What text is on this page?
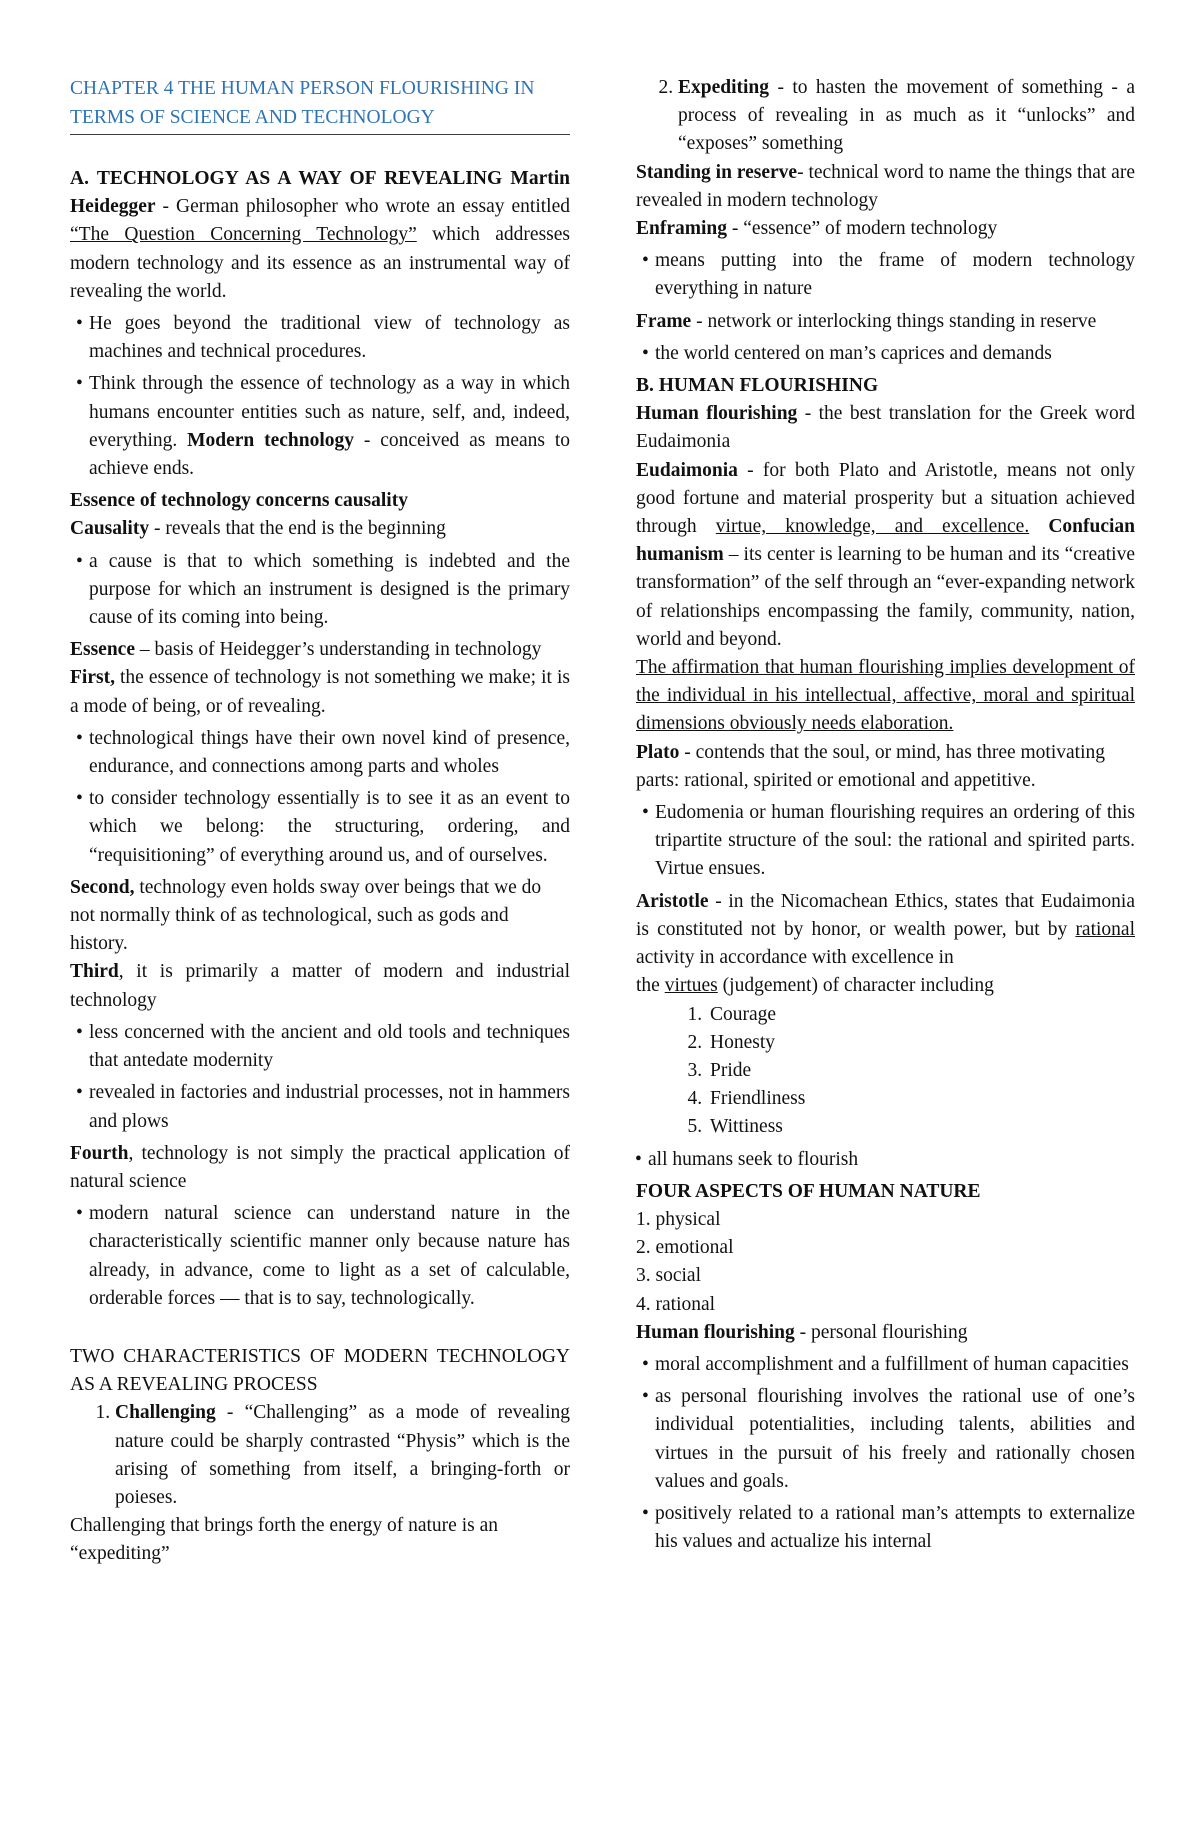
CHAPTER 4 THE HUMAN PERSON FLOURISHING IN TERMS OF SCIENCE AND TECHNOLOGY

A. TECHNOLOGY AS A WAY OF REVEALING Martin Heidegger - German philosopher who wrote an essay entitled “The Question Concerning Technology” which addresses modern technology and its essence as an instrumental way of revealing the world.

• He goes beyond the traditional view of technology as machines and technical procedures.
• Think through the essence of technology as a way in which humans encounter entities such as nature, self, and, indeed, everything. Modern technology - conceived as means to achieve ends.

Essence of technology concerns causality

Causality - reveals that the end is the beginning

• a cause is that to which something is indebted and the purpose for which an instrument is designed is the primary cause of its coming into being.

Essence – basis of Heidegger’s understanding in technology

First, the essence of technology is not something we make; it is a mode of being, or of revealing.

• technological things have their own novel kind of presence, endurance, and connections among parts and wholes
• to consider technology essentially is to see it as an event to which we belong: the structuring, ordering, and “requisitioning” of everything around us, and of ourselves.

Second, technology even holds sway over beings that we do not normally think of as technological, such as gods and history.

Third, it is primarily a matter of modern and industrial technology

• less concerned with the ancient and old tools and techniques that antedate modernity
• revealed in factories and industrial processes, not in hammers and plows

Fourth, technology is not simply the practical application of natural science

• modern natural science can understand nature in the characteristically scientific manner only because nature has already, in advance, come to light as a set of calculable, orderable forces — that is to say, technologically.

TWO CHARACTERISTICS OF MODERN TECHNOLOGY AS A REVEALING PROCESS

1. Challenging - “Challenging” as a mode of revealing nature could be sharply contrasted “Physis” which is the arising of something from itself, a bringing-forth or poieses.

Challenging that brings forth the energy of nature is an “expediting”

2. Expediting - to hasten the movement of something - a process of revealing in as much as it “unlocks” and “exposes” something

Standing in reserve- technical word to name the things that are revealed in modern technology

Enframing - “essence” of modern technology

• means putting into the frame of modern technology everything in nature

Frame - network or interlocking things standing in reserve

• the world centered on man’s caprices and demands

B. HUMAN FLOURISHING

Human flourishing - the best translation for the Greek word Eudaimonia

Eudaimonia - for both Plato and Aristotle, means not only good fortune and material prosperity but a situation achieved through virtue, knowledge, and excellence. Confucian humanism – its center is learning to be human and its “creative transformation” of the self through an “ever-expanding network of relationships encompassing the family, community, nation, world and beyond.

The affirmation that human flourishing implies development of the individual in his intellectual, affective, moral and spiritual dimensions obviously needs elaboration.

Plato - contends that the soul, or mind, has three motivating parts: rational, spirited or emotional and appetitive.

• Eudomenia or human flourishing requires an ordering of this tripartite structure of the soul: the rational and spirited parts. Virtue ensues.

Aristotle - in the Nicomachean Ethics, states that Eudaimonia is constituted not by honor, or wealth power, but by rational activity in accordance with excellence in

the virtues (judgement) of character including

1. Courage
2. Honesty
3. Pride
4. Friendliness
5. Wittiness
• all humans seek to flourish

FOUR ASPECTS OF HUMAN NATURE

1. physical

2. emotional

3. social

4. rational

Human flourishing - personal flourishing

• moral accomplishment and a fulfillment of human capacities
• as personal flourishing involves the rational use of one’s individual potentialities, including talents, abilities and virtues in the pursuit of his freely and rationally chosen values and goals.
• positively related to a rational man’s attempts to externalize his values and actualize his internal
